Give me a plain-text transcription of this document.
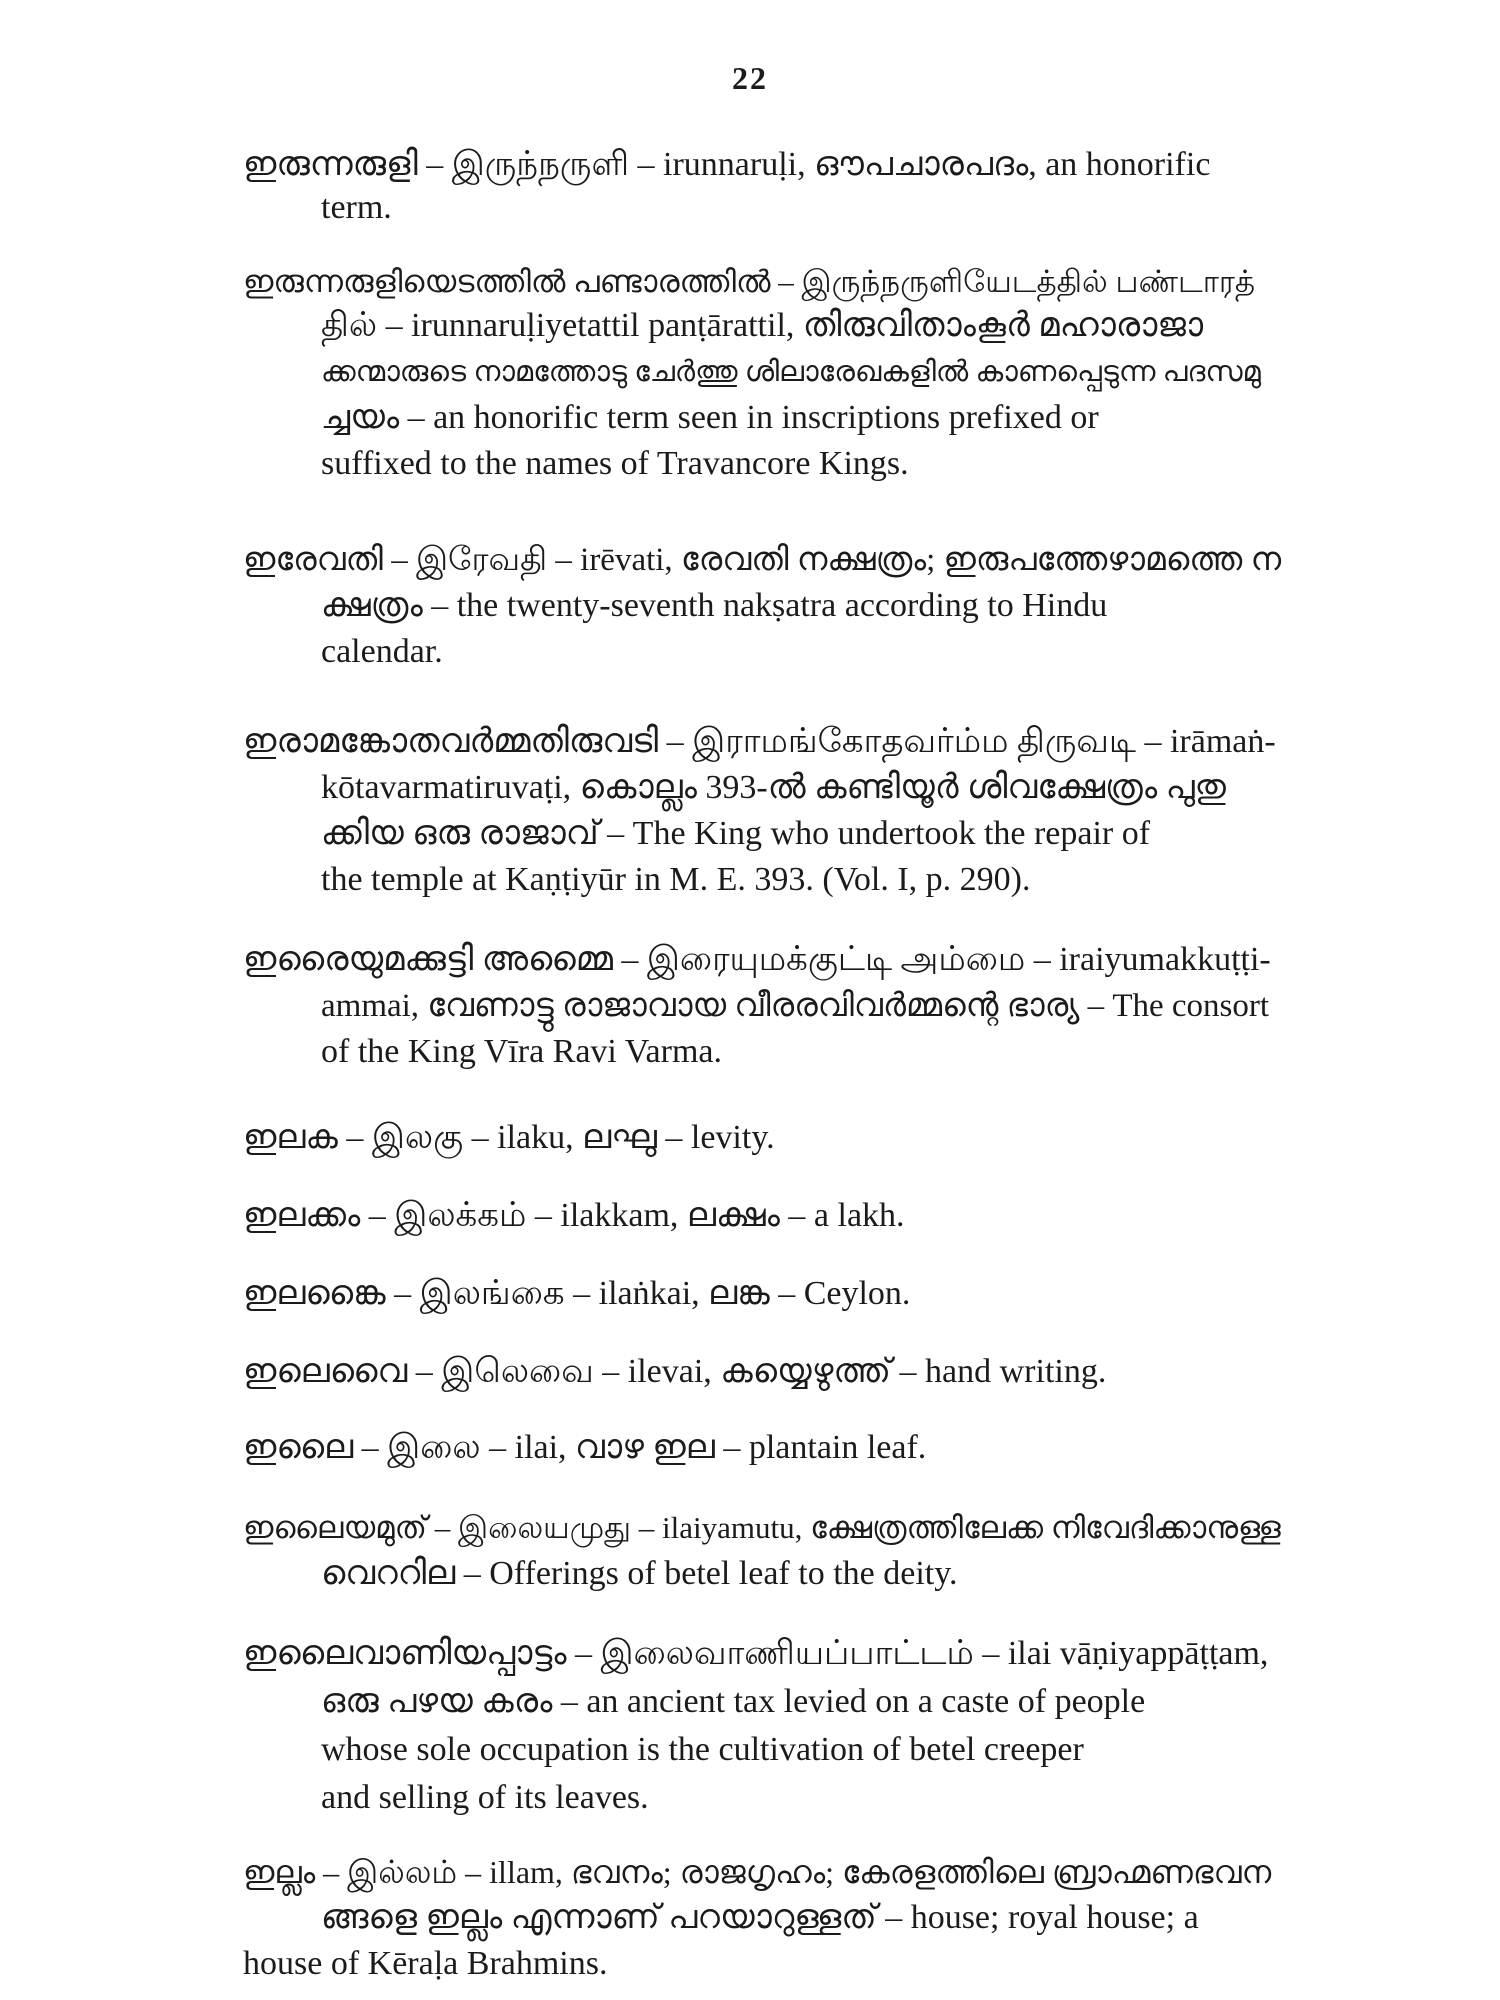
22
ഇരുന്നരുളി – இருந்நருளி – irunnaruḷi, ഔപചാരപദം, an honorific
term.
ഇരുന്നരുളിയെടത്തിൽ പണ്ടാരത്തിൽ – இருந்நருளியேடத்தில் பண்டாரத்
தில் – irunnaruḷiyetattil panṭārattil, തിരുവിതാംകൂർ മഹാരാജാ
ക്കന്മാരുടെ നാമത്തോടു ചേർത്തു ശിലാരേഖകളിൽ കാണപ്പെടുന്ന പദസമു
ച്ചയം – an honorific term seen in inscriptions prefixed or
suffixed to the names of Travancore Kings.
ഇരേവതി – இரேவதி – irēvati, രേവതി നക്ഷത്രം; ഇരുപത്തേഴാമത്തെ ന
ക്ഷത്രം – the twenty-seventh nakṣatra according to Hindu
calendar.
ഇരാമങ്കോതവർമ്മതിരുവടി – இராமங்கோதவர்ம்ம திருவடி – irāmaṅ-
kōtavarmatiruvaṭi, കൊല്ലം 393-ൽ കണ്ടിയൂർ ശിവക്ഷേത്രം പുതു
ക്കിയ ഒരു രാജാവ് – The King who undertook the repair of
the temple at Kaṇṭiyūr in M. E. 393. (Vol. I, p. 290).
ഇരൈയുമക്കുട്ടി അമ്മൈ – இரையுமக்குட்டி அம்மை – iraiyumakkuṭṭi-
ammai, വേണാട്ടു രാജാവായ വീരരവിവർമ്മന്റെ ഭാര്യ – The consort
of the King Vīra Ravi Varma.
ഇലക – இலகு – ilaku, ലഘു – levity.
ഇലക്കം – இலக்கம் – ilakkam, ലക്ഷം – a lakh.
ഇലങ്കൈ – இலங்கை – ilaṅkai, ലങ്ക – Ceylon.
ഇലെവൈ – இலெவை – ilevai, കയ്യെഴുത്ത് – hand writing.
ഇലൈ – இலை – ilai, വാഴ ഇല – plantain leaf.
ഇലൈയമുത് – இலையமுது – ilaiyamutu, ക്ഷേത്രത്തിലേക്ക നിവേദിക്കാനുള്ള
വെററില – Offerings of betel leaf to the deity.
ഇലൈവാണിയപ്പാട്ടം – இலைவாணியப்பாட்டம் – ilai vāṇiyappāṭṭam,
ഒരു പഴയ കരം – an ancient tax levied on a caste of people
whose sole occupation is the cultivation of betel creeper
and selling of its leaves.
ഇല്ലം – இல்லம் – illam, ഭവനം; രാജഗൃഹം; കേരളത്തിലെ ബ്രാഹ്മണഭവന
ങ്ങളെ ഇല്ലം എന്നാണ് പറയാറുള്ളത് – house; royal house; a
house of Kēraḷa Brahmins.
